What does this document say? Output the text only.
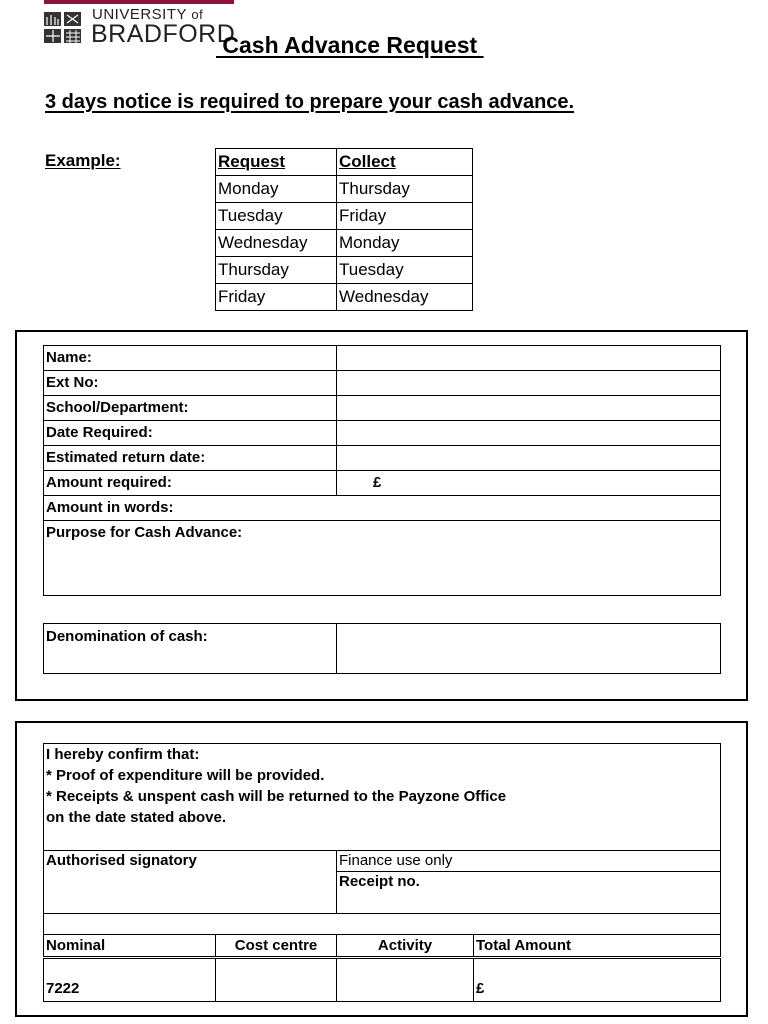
UNIVERSITY of
BRADFORD
Cash Advance Request
3 days notice is required to prepare your cash advance.
Example:	Request	Collect
Monday	Thursday
Tuesday	Friday
Wednesday	Monday
Thursday	Tuesday
Friday	Wednesday
Name:	
Ext No:	
School/Department:	
Date Required:	
Estimated return date:	
Amount required:	£
Amount in words:	
Purpose for Cash Advance:	
Denomination of cash:	
I hereby confirm that:
* Proof of expenditure will be provided.
* Receipts & unspent cash will be returned to the Payzone Office
on the date stated above.			

Authorised signatory		Finance use only	
		Receipt no.	

Nominal	Cost centre	Activity	Total Amount
7222			£
